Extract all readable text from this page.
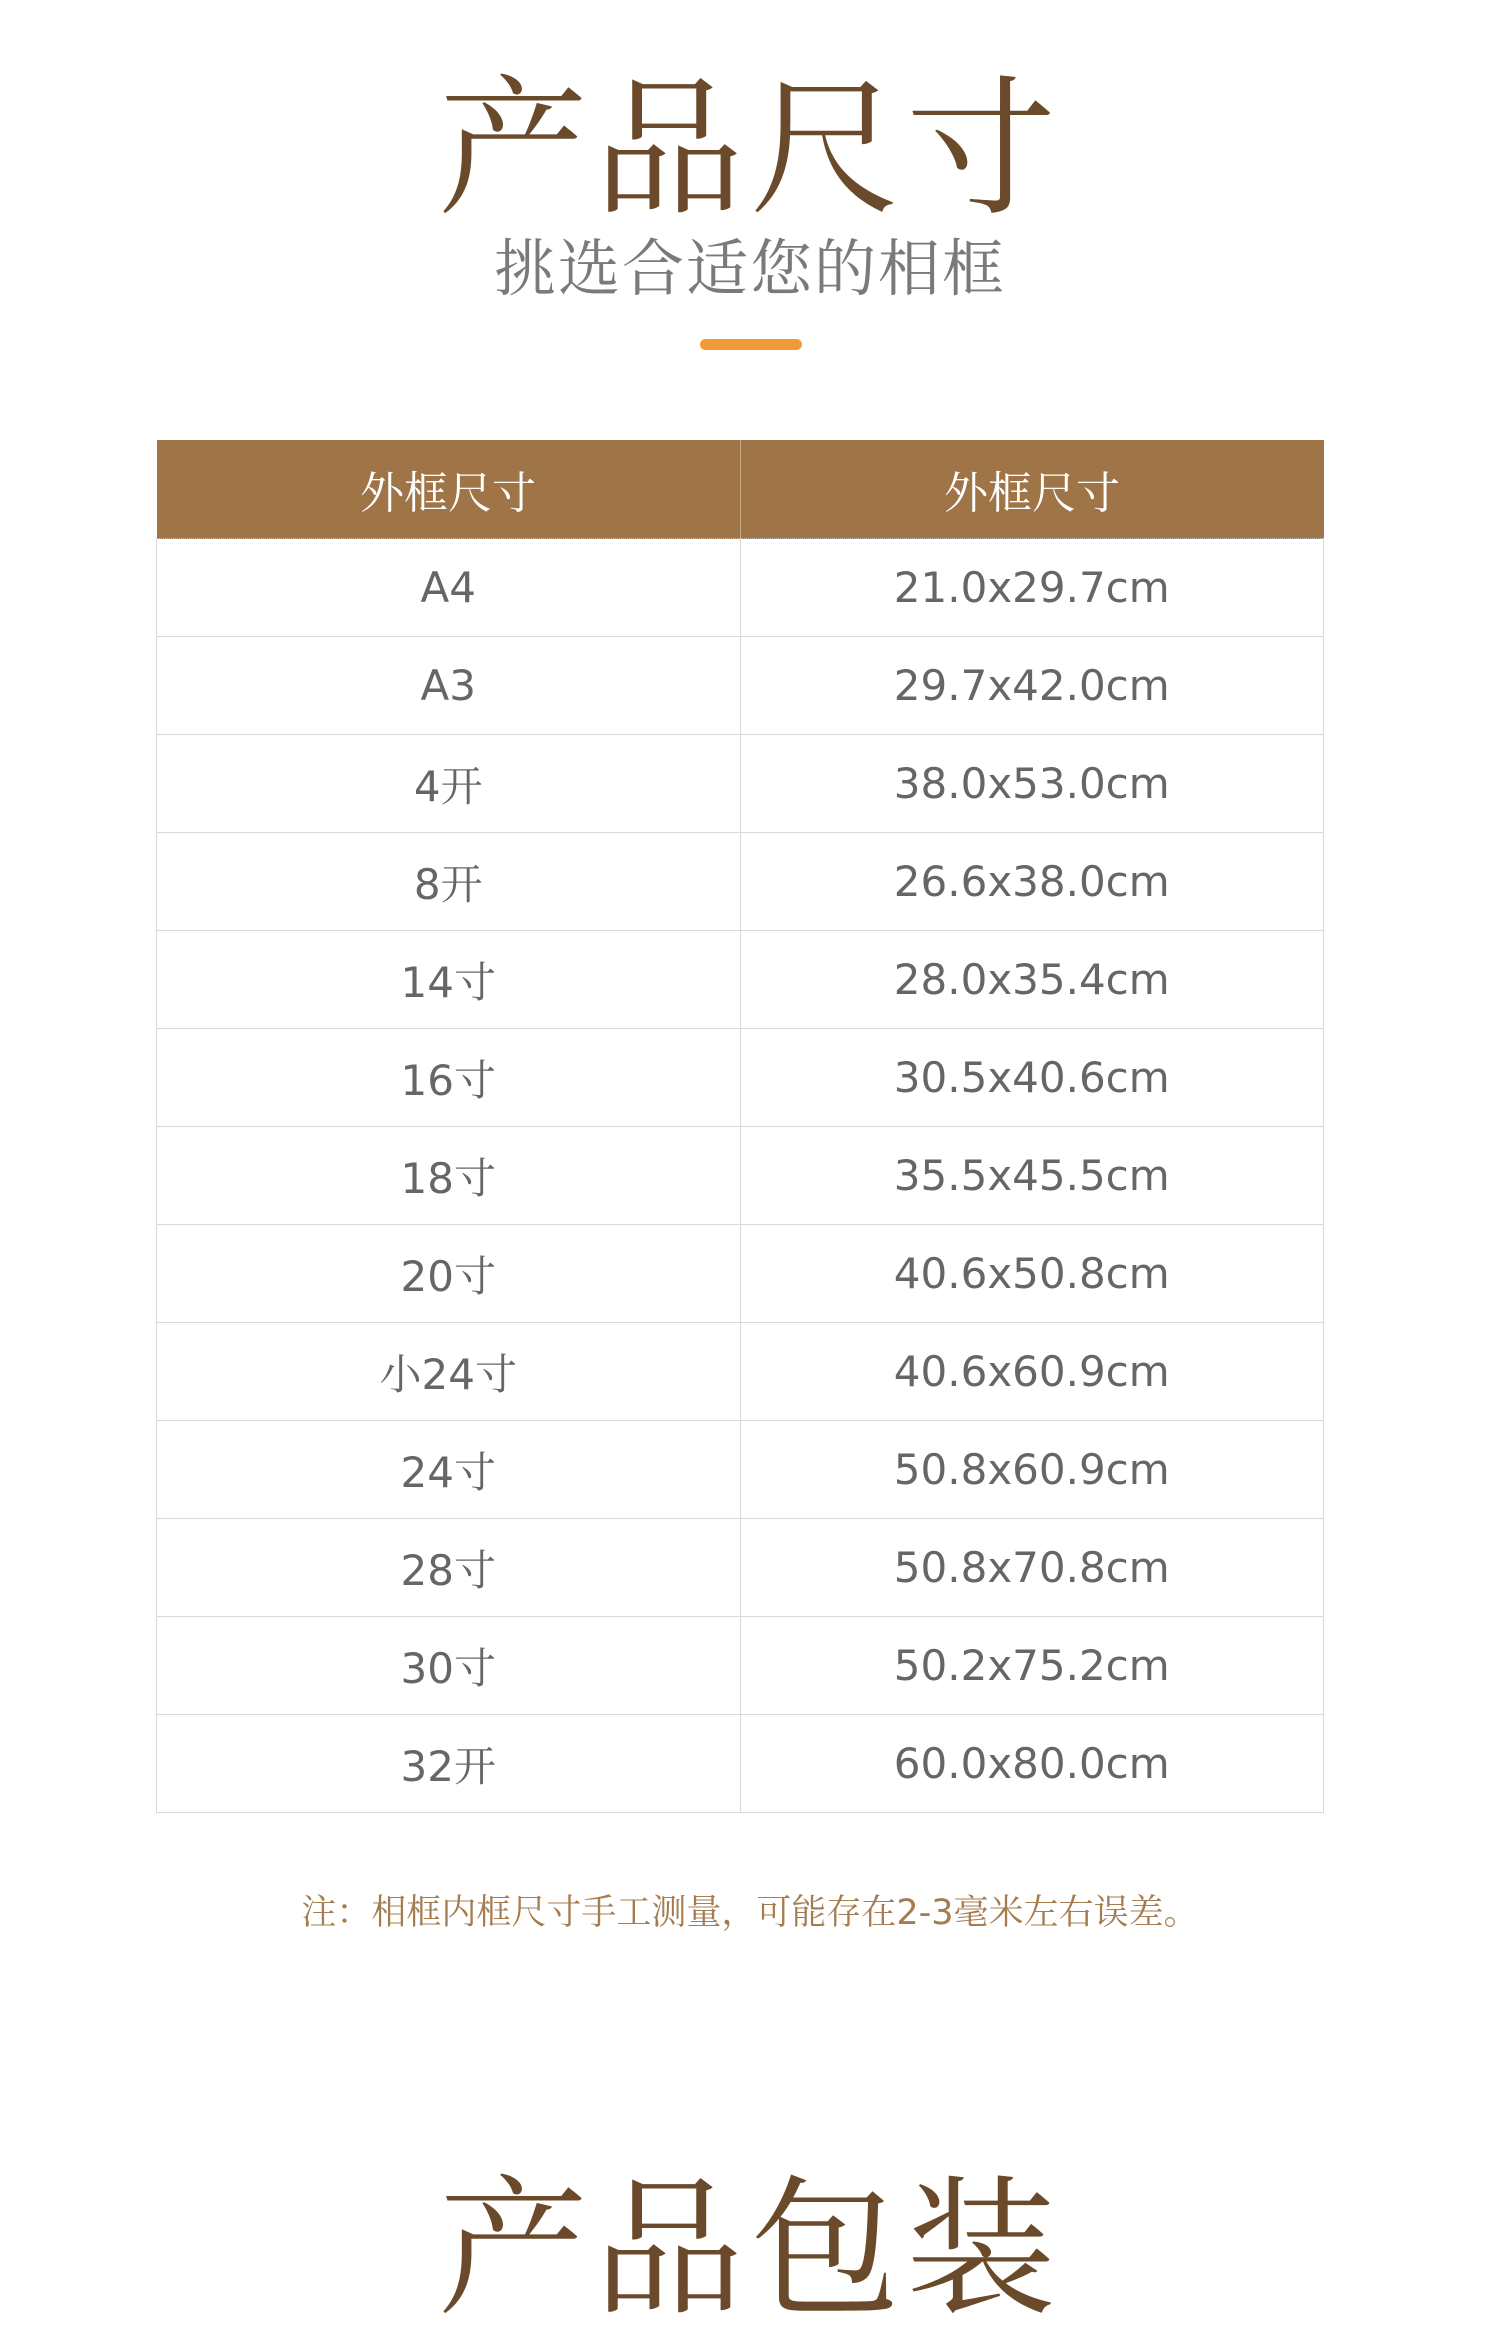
产品尺寸
挑选合适您的相框
外框尺寸	外框尺寸
A4	21.0x29.7cm
A3	29.7x42.0cm
4开	38.0x53.0cm
8开	26.6x38.0cm
14寸	28.0x35.4cm
16寸	30.5x40.6cm
18寸	35.5x45.5cm
20寸	40.6x50.8cm
小24寸	40.6x60.9cm
24寸	50.8x60.9cm
28寸	50.8x70.8cm
30寸	50.2x75.2cm
32开	60.0x80.0cm
注：相框内框尺寸手工测量，可能存在2-3毫米左右误差。
产品包装
